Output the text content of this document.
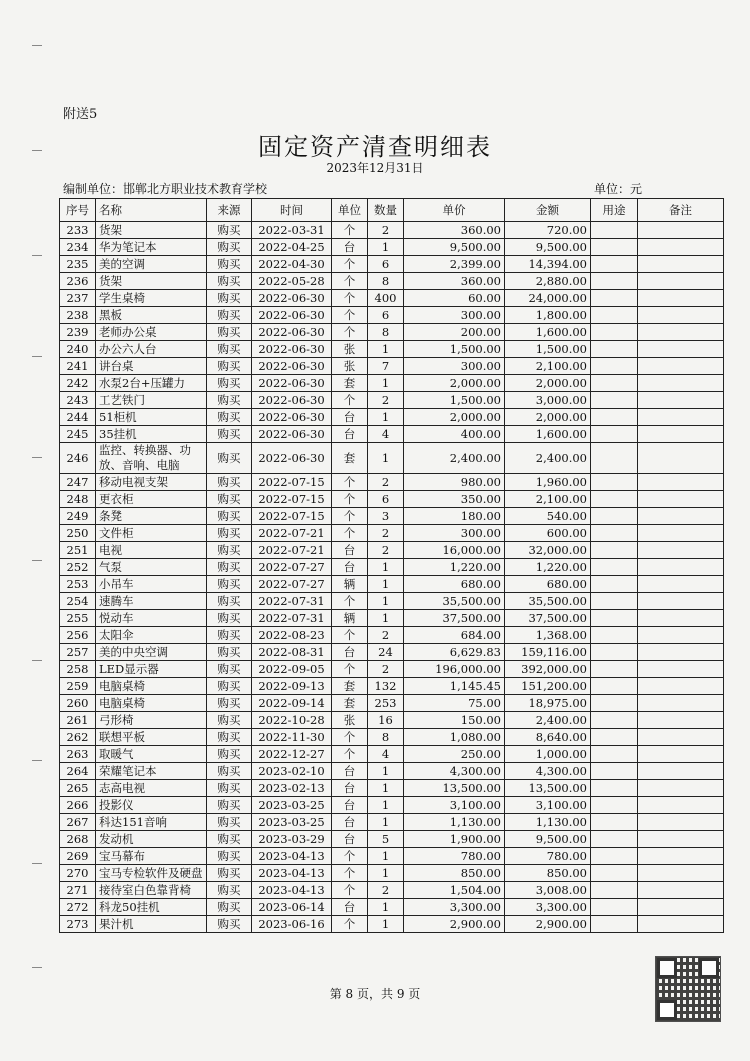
附送5
固定资产清查明细表
2023年12月31日
编制单位：邯郸北方职业技术教育学校	单位：元
序号	名称	来源	时间	单位	数量	单价	金额	用途	备注
233	货架	购买	2022-03-31	个	2	360.00	720.00		
234	华为笔记本	购买	2022-04-25	台	1	9,500.00	9,500.00		
235	美的空调	购买	2022-04-30	个	6	2,399.00	14,394.00		
236	货架	购买	2022-05-28	个	8	360.00	2,880.00		
237	学生桌椅	购买	2022-06-30	个	400	60.00	24,000.00		
238	黑板	购买	2022-06-30	个	6	300.00	1,800.00		
239	老师办公桌	购买	2022-06-30	个	8	200.00	1,600.00		
240	办公六人台	购买	2022-06-30	张	1	1,500.00	1,500.00		
241	讲台桌	购买	2022-06-30	张	7	300.00	2,100.00		
242	水泵2台+压罐力	购买	2022-06-30	套	1	2,000.00	2,000.00		
243	工艺铁门	购买	2022-06-30	个	2	1,500.00	3,000.00		
244	51柜机	购买	2022-06-30	台	1	2,000.00	2,000.00		
245	35挂机	购买	2022-06-30	台	4	400.00	1,600.00		
246	监控、转换器、功放、音响、电脑	购买	2022-06-30	套	1	2,400.00	2,400.00		
247	移动电视支架	购买	2022-07-15	个	2	980.00	1,960.00		
248	更衣柜	购买	2022-07-15	个	6	350.00	2,100.00		
249	条凳	购买	2022-07-15	个	3	180.00	540.00		
250	文件柜	购买	2022-07-21	个	2	300.00	600.00		
251	电视	购买	2022-07-21	台	2	16,000.00	32,000.00		
252	气泵	购买	2022-07-27	台	1	1,220.00	1,220.00		
253	小吊车	购买	2022-07-27	辆	1	680.00	680.00		
254	速腾车	购买	2022-07-31	个	1	35,500.00	35,500.00		
255	悦动车	购买	2022-07-31	辆	1	37,500.00	37,500.00		
256	太阳伞	购买	2022-08-23	个	2	684.00	1,368.00		
257	美的中央空调	购买	2022-08-31	台	24	6,629.83	159,116.00		
258	LED显示器	购买	2022-09-05	个	2	196,000.00	392,000.00		
259	电脑桌椅	购买	2022-09-13	套	132	1,145.45	151,200.00		
260	电脑桌椅	购买	2022-09-14	套	253	75.00	18,975.00		
261	弓形椅	购买	2022-10-28	张	16	150.00	2,400.00		
262	联想平板	购买	2022-11-30	个	8	1,080.00	8,640.00		
263	取暖气	购买	2022-12-27	个	4	250.00	1,000.00		
264	荣耀笔记本	购买	2023-02-10	台	1	4,300.00	4,300.00		
265	志高电视	购买	2023-02-13	台	1	13,500.00	13,500.00		
266	投影仪	购买	2023-03-25	台	1	3,100.00	3,100.00		
267	科达151音响	购买	2023-03-25	台	1	1,130.00	1,130.00		
268	发动机	购买	2023-03-29	台	5	1,900.00	9,500.00		
269	宝马幕布	购买	2023-04-13	个	1	780.00	780.00		
270	宝马专检软件及硬盘	购买	2023-04-13	个	1	850.00	850.00		
271	接待室白色靠背椅	购买	2023-04-13	个	2	1,504.00	3,008.00		
272	科龙50挂机	购买	2023-06-14	台	1	3,300.00	3,300.00		
273	果汁机	购买	2023-06-16	个	1	2,900.00	2,900.00		
第 8 页，共 9 页
